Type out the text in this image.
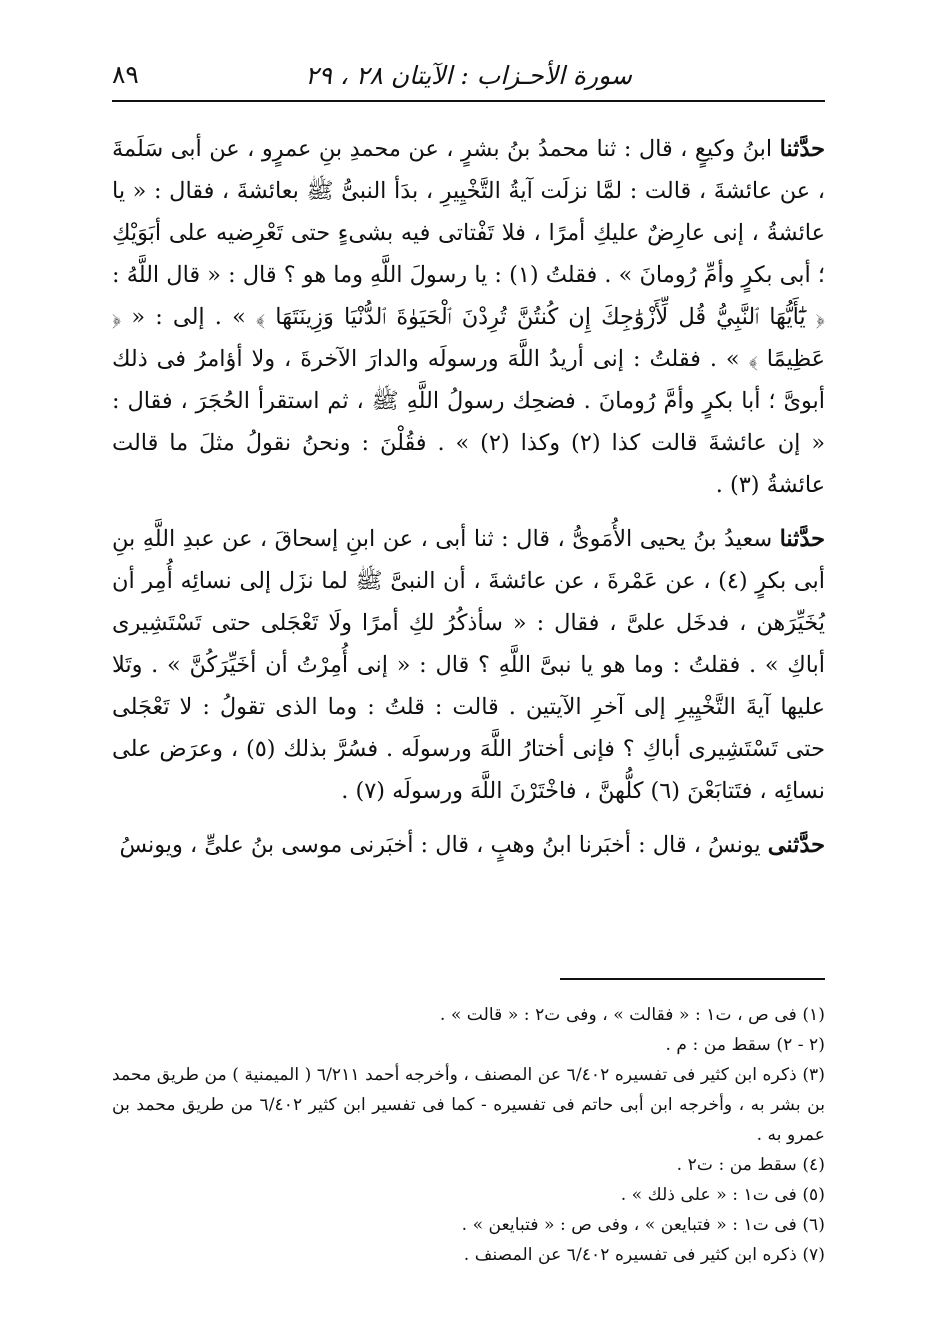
٨٩	سورة الأحـزاب : الآيتان ٢٨ ، ٢٩

حدَّثنا ابنُ وكيعٍ ، قال : ثنا محمدُ بنُ بشرٍ ، عن محمدِ بنِ عمرٍو ، عن أبى سَلَمةَ ، عن عائشةَ ، قالت : لمَّا نزلَت آيةُ التَّخْيِيرِ ، بدَأ النبىُّ ﷺ بعائشةَ ، فقال : « يا عائشةُ ، إنى عارِضٌ عليكِ أمرًا ، فلا تَفْتاتى فيه بشىءٍ حتى تَعْرِضيه على أبَوَيْكِ ؛ أبى بكرٍ وأمِّ رُومانَ » . فقلتُ (١) : يا رسولَ اللَّهِ وما هو ؟ قال : « قال اللَّهُ : ﴿ يَٰٓأَيُّهَا ٱلنَّبِيُّ قُل لِّأَزْوَٰجِكَ إِن كُنتُنَّ تُرِدْنَ ٱلْحَيَوٰةَ ٱلدُّنْيَا وَزِينَتَهَا ﴾ » . إلى : « ﴿ عَظِيمًا ﴾ » . فقلتُ : إنى أريدُ اللَّهَ ورسولَه والدارَ الآخرةَ ، ولا أؤامرُ فى ذلك أبوىَّ ؛ أبا بكرٍ وأمَّ رُومانَ . فضحِك رسولُ اللَّهِ ﷺ ، ثم استقرأ الحُجَرَ ، فقال : « إن عائشةَ قالت كذا (٢) وكذا (٢) » . فقُلْنَ : ونحنُ نقولُ مثلَ ما قالت عائشةُ (٣) .

حدَّثنا سعيدُ بنُ يحيى الأُمَوىُّ ، قال : ثنا أبى ، عن ابنِ إسحاقَ ، عن عبدِ اللَّهِ بنِ أبى بكرٍ (٤) ، عن عَمْرةَ ، عن عائشةَ ، أن النبىَّ ﷺ لما نزَل إلى نسائِه أُمِر أن يُخَيِّرَهن ، فدخَل علىَّ ، فقال : « سأذكُرُ لكِ أمرًا ولَا تَعْجَلى حتى تَسْتَشِيرى أباكِ » . فقلتُ : وما هو يا نبىَّ اللَّهِ ؟ قال : « إنى أُمِرْتُ أن أخَيِّرَكُنَّ » . وتَلا عليها آيةَ التَّخْيِيرِ إلى آخرِ الآيتين . قالت : قلتُ : وما الذى تقولُ : لا تَعْجَلى حتى تَسْتَشِيرى أباكِ ؟ فإنى أختارُ اللَّهَ ورسولَه . فسُرَّ بذلك (٥) ، وعرَض على نسائِه ، فتَتابَعْنَ (٦) كلُّهنَّ ، فاخْتَرْنَ اللَّهَ ورسولَه (٧) .

حدَّثنى يونسُ ، قال : أخبَرنا ابنُ وهبٍ ، قال : أخبَرنى موسى بنُ علىٍّ ، ويونسُ

(١) فى ص ، ت١ : « فقالت » ، وفى ت٢ : « قالت » .

(٢ - ٢) سقط من : م .

(٣) ذكره ابن كثير فى تفسيره ٦/٤٠٢ عن المصنف ، وأخرجه أحمد ٦/٢١١ ( الميمنية ) من طريق محمد بن بشر به ، وأخرجه ابن أبى حاتم فى تفسيره - كما فى تفسير ابن كثير ٦/٤٠٢ من طريق محمد بن عمرو به .

(٤) سقط من : ت٢ .

(٥) فى ت١ : « على ذلك » .

(٦) فى ت١ : « فتبايعن » ، وفى ص : « فتبايعن » .

(٧) ذكره ابن كثير فى تفسيره ٦/٤٠٢ عن المصنف .
